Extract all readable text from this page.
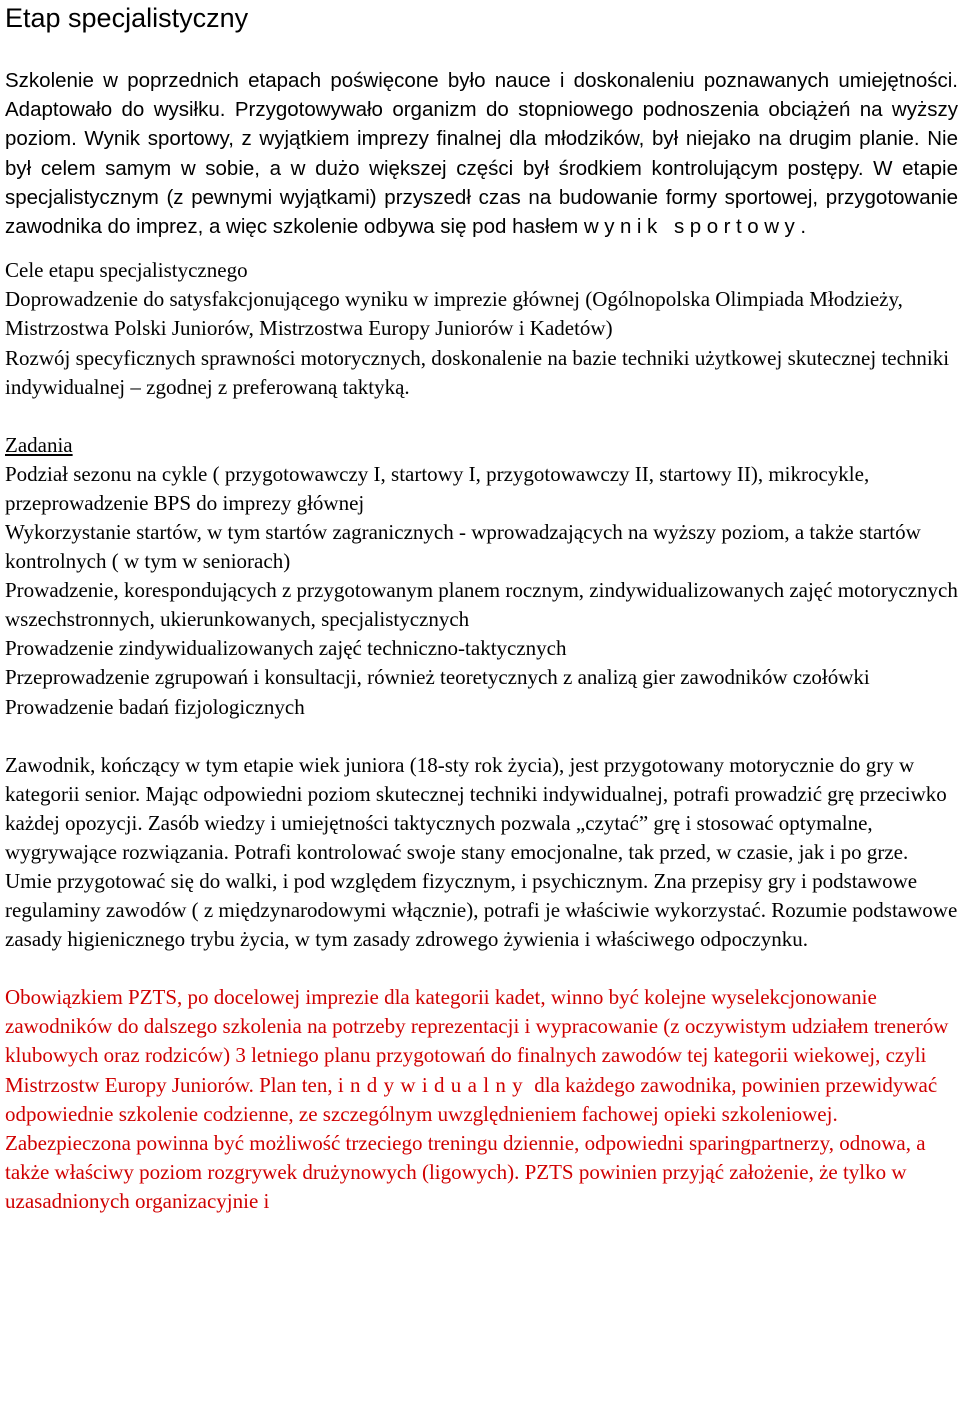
Etap specjalistyczny

Szkolenie w poprzednich etapach poświęcone było nauce i doskonaleniu poznawanych umiejętności. Adaptowało do wysiłku. Przygotowywało organizm do stopniowego podnoszenia obciążeń na wyższy poziom. Wynik sportowy, z wyjątkiem imprezy finalnej dla młodzików, był niejako na drugim planie. Nie był celem samym w sobie, a w dużo większej części był środkiem kontrolującym postępy. W etapie specjalistycznym (z pewnymi wyjątkami) przyszedł czas na budowanie formy sportowej, przygotowanie zawodnika do imprez, a więc szkolenie odbywa się pod hasłem wynik sportowy.

Cele etapu specjalistycznego
Doprowadzenie do satysfakcjonującego wyniku w imprezie głównej (Ogólnopolska Olimpiada Młodzieży, Mistrzostwa Polski Juniorów, Mistrzostwa Europy Juniorów i Kadetów)
Rozwój specyficznych sprawności motorycznych, doskonalenie na bazie techniki użytkowej skutecznej techniki indywidualnej – zgodnej z preferowaną taktyką.
Zadania
Podział sezonu na cykle ( przygotowawczy I, startowy I, przygotowawczy II, startowy II), mikrocykle, przeprowadzenie BPS do imprezy głównej
Wykorzystanie startów, w tym startów zagranicznych - wprowadzających na wyższy poziom, a także startów kontrolnych ( w tym w seniorach)
Prowadzenie, korespondujących z przygotowanym planem rocznym, zindywidualizowanych zajęć motorycznych wszechstronnych, ukierunkowanych, specjalistycznych
Prowadzenie zindywidualizowanych zajęć techniczno-taktycznych
Przeprowadzenie zgrupowań i konsultacji, również teoretycznych z analizą gier zawodników czołówki
Prowadzenie badań fizjologicznych

Zawodnik, kończący w tym etapie wiek juniora (18-sty rok życia), jest przygotowany motorycznie do gry w kategorii senior. Mając odpowiedni poziom skutecznej techniki indywidualnej, potrafi prowadzić grę przeciwko każdej opozycji. Zasób wiedzy i umiejętności taktycznych pozwala „czytać” grę i stosować optymalne, wygrywające rozwiązania. Potrafi kontrolować swoje stany emocjonalne, tak przed, w czasie, jak i po grze. Umie przygotować się do walki, i pod względem fizycznym, i psychicznym. Zna przepisy gry i podstawowe regulaminy zawodów ( z międzynarodowymi włącznie), potrafi je właściwie wykorzystać. Rozumie podstawowe zasady higienicznego trybu życia, w tym zasady zdrowego żywienia i właściwego odpoczynku.

Obowiązkiem PZTS, po docelowej imprezie dla kategorii kadet, winno być kolejne wyselekcjonowanie zawodników do dalszego szkolenia na potrzeby reprezentacji i wypracowanie (z oczywistym udziałem trenerów klubowych oraz rodziców) 3 letniego planu przygotowań do finalnych zawodów tej kategorii wiekowej, czyli Mistrzostw Europy Juniorów. Plan ten, indywidualny dla każdego zawodnika, powinien przewidywać odpowiednie szkolenie codzienne, ze szczególnym uwzględnieniem fachowej opieki szkoleniowej. Zabezpieczona powinna być możliwość trzeciego treningu dziennie, odpowiedni sparingpartnerzy, odnowa, a także właściwy poziom rozgrywek drużynowych (ligowych). PZTS powinien przyjąć założenie, że tylko w uzasadnionych organizacyjnie i
